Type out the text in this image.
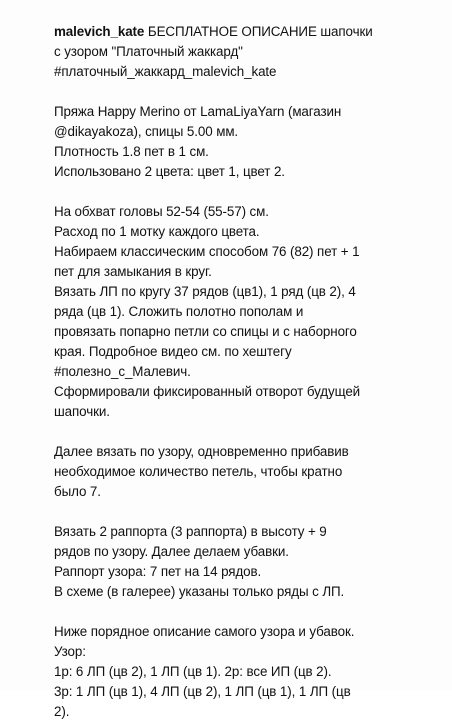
malevich_kate БЕСПЛАТНОЕ ОПИСАНИЕ шапочки
с узором "Платочный жаккард"
#платочный_жаккард_malevich_kate
Пряжа Happy Merino от LamaLiyaYarn (магазин
@dikayakoza), спицы 5.00 мм.
Плотность 1.8 пет в 1 см.
Использовано 2 цвета: цвет 1, цвет 2.
На обхват головы 52-54 (55-57) см.
Расход по 1 мотку каждого цвета.
Набираем классическим способом 76 (82) пет + 1
пет для замыкания в круг.
Вязать ЛП по кругу 37 рядов (цв1), 1 ряд (цв 2), 4
ряда (цв 1). Сложить полотно пополам и
провязать попарно петли со спицы и с наборного
края. Подробное видео см. по хештегу
#полезно_с_Малевич.
Сформировали фиксированный отворот будущей
шапочки.
Далее вязать по узору, одновременно прибавив
необходимое количество петель, чтобы кратно
было 7.
Вязать 2 раппорта (3 раппорта) в высоту + 9
рядов по узору. Далее делаем убавки.
Раппорт узора: 7 пет на 14 рядов.
В схеме (в галерее) указаны только ряды с ЛП.
Ниже порядное описание самого узора и убавок.
Узор:
1р: 6 ЛП (цв 2), 1 ЛП (цв 1). 2р: все ИП (цв 2).
3р: 1 ЛП (цв 1), 4 ЛП (цв 2), 1 ЛП (цв 1), 1 ЛП (цв
2).
